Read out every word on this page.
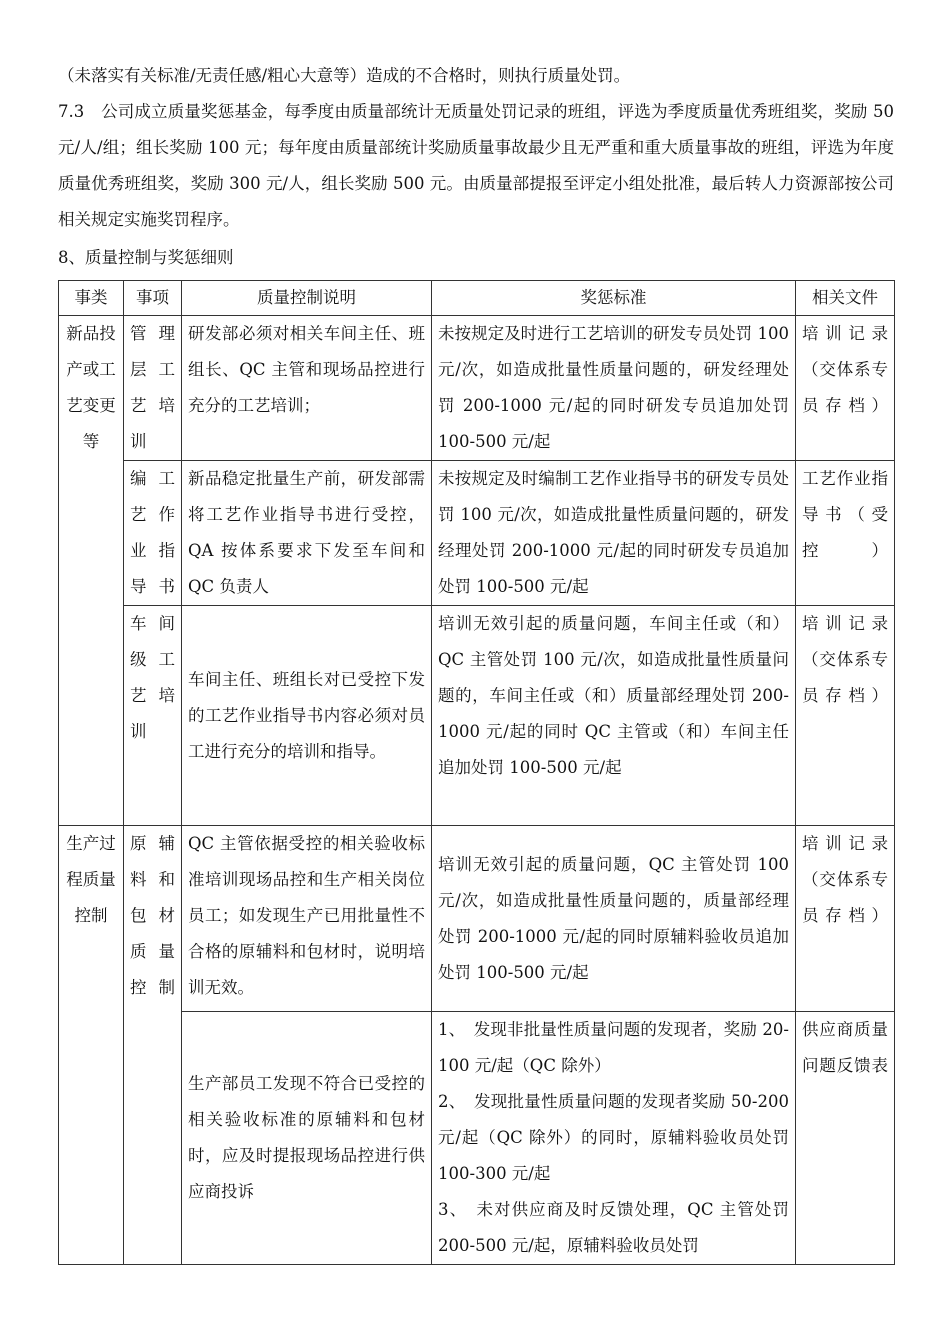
（未落实有关标准/无责任感/粗心大意等）造成的不合格时，则执行质量处罚。

7.3　公司成立质量奖惩基金，每季度由质量部统计无质量处罚记录的班组，评选为季度质量优秀班组奖，奖励 50 元/人/组；组长奖励 100 元；每年度由质量部统计奖励质量事故最少且无严重和重大质量事故的班组，评选为年度质量优秀班组奖，奖励 300 元/人，组长奖励 500 元。由质量部提报至评定小组处批准，最后转人力资源部按公司相关规定实施奖罚程序。

8、质量控制与奖惩细则

事类	事项	质量控制说明	奖惩标准	相关文件
新品投产或工艺变更等	管理层工艺培训	研发部必须对相关车间主任、班组长、QC 主管和现场品控进行充分的工艺培训；	未按规定及时进行工艺培训的研发专员处罚 100 元/次，如造成批量性质量问题的，研发经理处罚 200-1000 元/起的同时研发专员追加处罚 100-500 元/起	培训记录（交体系专员存档）
	编工艺作业指导书	新品稳定批量生产前，研发部需将工艺作业指导书进行受控，QA 按体系要求下发至车间和 QC 负责人	未按规定及时编制工艺作业指导书的研发专员处罚 100 元/次，如造成批量性质量问题的，研发经理处罚 200-1000 元/起的同时研发专员追加处罚 100-500 元/起	工艺作业指导书（受控）
	车间级工艺培训	车间主任、班组长对已受控下发的工艺作业指导书内容必须对员工进行充分的培训和指导。	培训无效引起的质量问题，车间主任或（和）QC 主管处罚 100 元/次，如造成批量性质量问题的，车间主任或（和）质量部经理处罚 200-1000 元/起的同时 QC 主管或（和）车间主任追加处罚 100-500 元/起	培训记录（交体系专员存档）
生产过程质量控制	原辅料和包材质量控制	QC 主管依据受控的相关验收标准培训现场品控和生产相关岗位员工；如发现生产已用批量性不合格的原辅料和包材时，说明培训无效。	培训无效引起的质量问题，QC 主管处罚 100 元/次，如造成批量性质量问题的，质量部经理处罚 200-1000 元/起的同时原辅料验收员追加处罚 100-500 元/起	培训记录（交体系专员存档）
		生产部员工发现不符合已受控的相关验收标准的原辅料和包材时，应及时提报现场品控进行供应商投诉	1、　发现非批量性质量问题的发现者，奖励 20-100 元/起（QC 除外）
2、　发现批量性质量问题的发现者奖励 50-200 元/起（QC 除外）的同时，原辅料验收员处罚 100-300 元/起
3、　未对供应商及时反馈处理，QC 主管处罚 200-500 元/起，原辅料验收员处罚	供应商质量问题反馈表
